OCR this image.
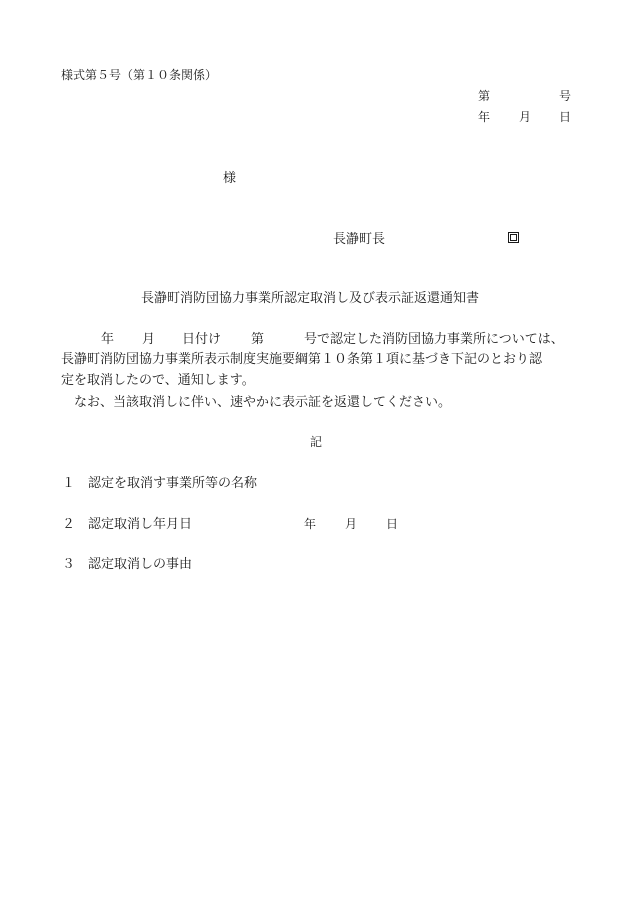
様式第５号（第１０条関係）
第	号
年 月 日
様
長瀞町長
長瀞町消防団協力事業所認定取消し及び表示証返還通知書
年 月 日付け 第	号で認定した消防団協力事業所については、
長瀞町消防団協力事業所表示制度実施要綱第１０条第１項に基づき下記のとおり認
定を取消したので、通知します。
なお、当該取消しに伴い、速やかに表示証を返還してください。
記
１ 認定を取消す事業所等の名称
２ 認定取消し年月日	年 月 日
３ 認定取消しの事由
